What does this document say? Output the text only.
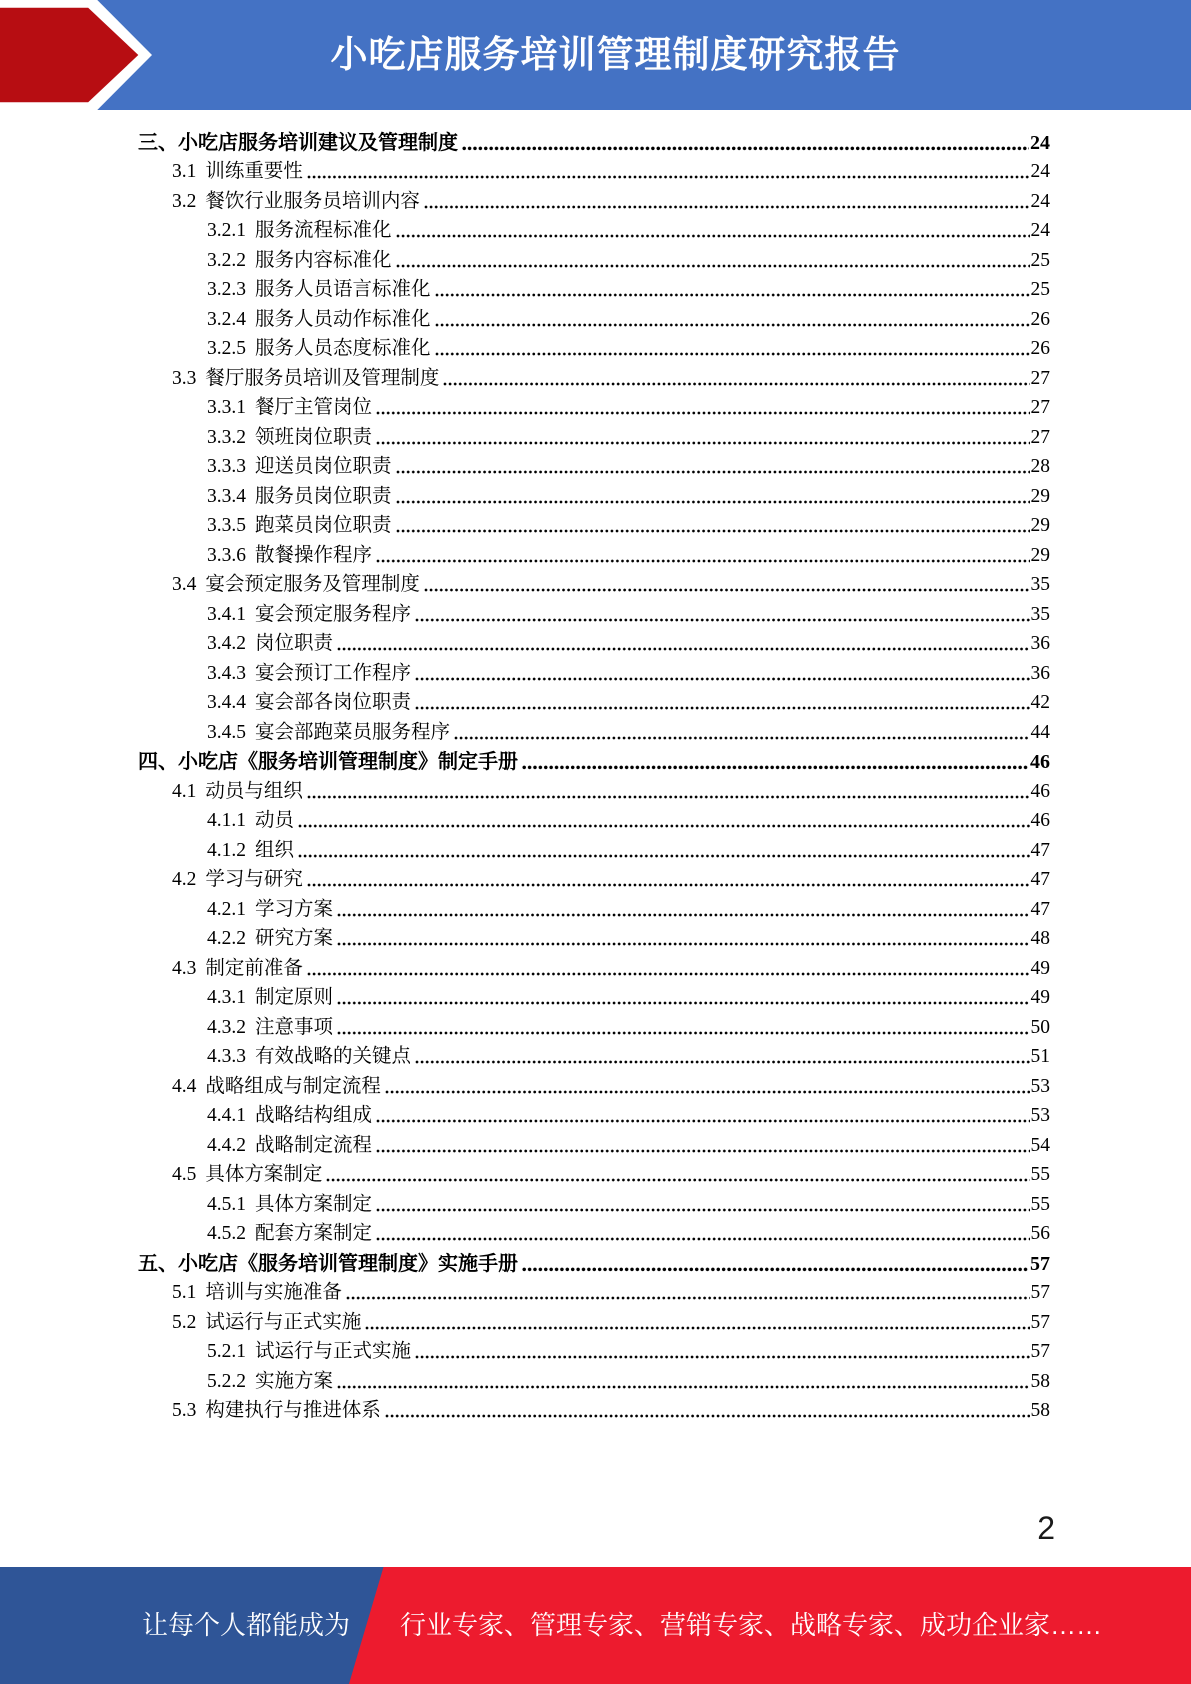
小吃店服务培训管理制度研究报告
三、 小吃店服务培训建议及管理制度	24
3.1 训练重要性	24
3.2 餐饮行业服务员培训内容	24
3.2.1 服务流程标准化	24
3.2.2 服务内容标准化	25
3.2.3 服务人员语言标准化	25
3.2.4 服务人员动作标准化	26
3.2.5 服务人员态度标准化	26
3.3 餐厅服务员培训及管理制度	27
3.3.1 餐厅主管岗位	27
3.3.2 领班岗位职责	27
3.3.3 迎送员岗位职责	28
3.3.4 服务员岗位职责	29
3.3.5 跑菜员岗位职责	29
3.3.6 散餐操作程序	29
3.4 宴会预定服务及管理制度	35
3.4.1 宴会预定服务程序	35
3.4.2 岗位职责	36
3.4.3 宴会预订工作程序	36
3.4.4 宴会部各岗位职责	42
3.4.5 宴会部跑菜员服务程序	44
四、 小吃店《服务培训管理制度》制定手册	46
4.1 动员与组织	46
4.1.1 动员	46
4.1.2 组织	47
4.2 学习与研究	47
4.2.1 学习方案	47
4.2.2 研究方案	48
4.3 制定前准备	49
4.3.1 制定原则	49
4.3.2 注意事项	50
4.3.3 有效战略的关键点	51
4.4 战略组成与制定流程	53
4.4.1 战略结构组成	53
4.4.2 战略制定流程	54
4.5 具体方案制定	55
4.5.1 具体方案制定	55
4.5.2 配套方案制定	56
五、 小吃店《服务培训管理制度》实施手册	57
5.1 培训与实施准备	57
5.2 试运行与正式实施	57
5.2.1 试运行与正式实施	57
5.2.2 实施方案	58
5.3 构建执行与推进体系	58
2
让每个人都能成为 行业专家、管理专家、营销专家、战略专家、成功企业家……
